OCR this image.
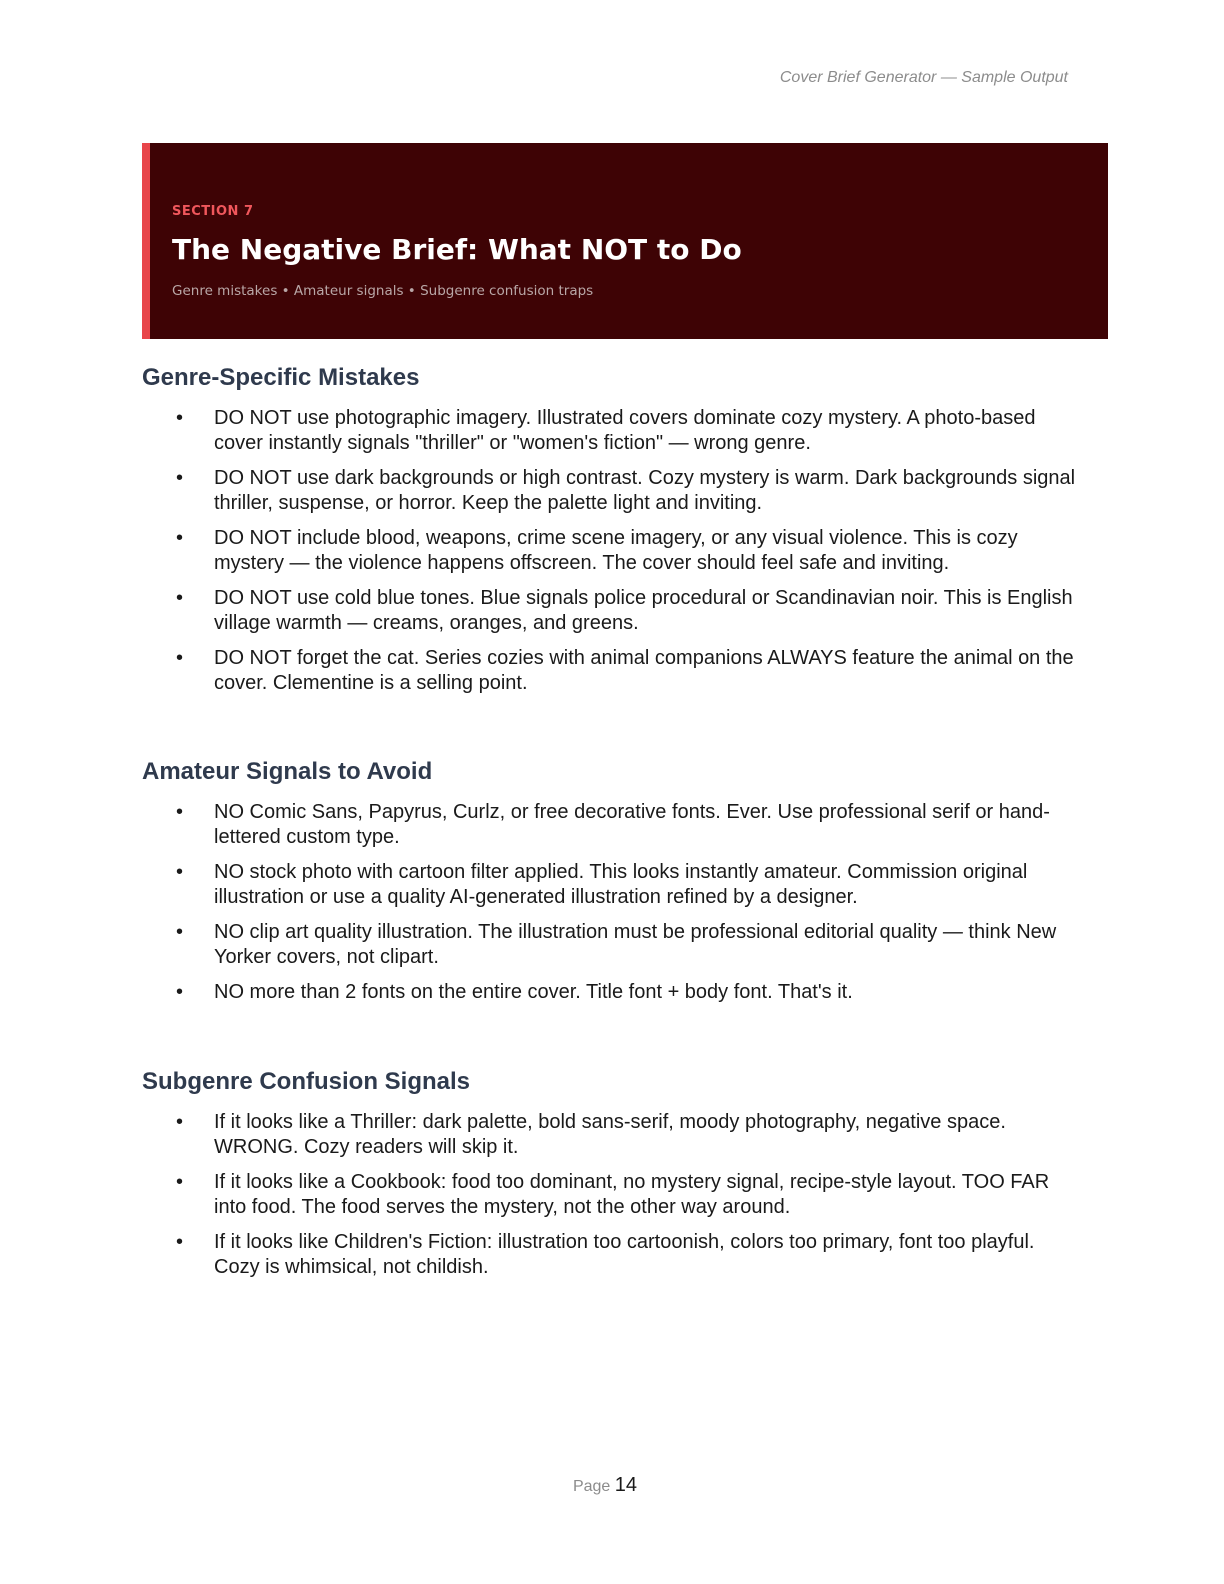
Cover Brief Generator — Sample Output
SECTION 7
The Negative Brief: What NOT to Do
Genre mistakes • Amateur signals • Subgenre confusion traps
Genre-Specific Mistakes
• DO NOT use photographic imagery. Illustrated covers dominate cozy mystery. A photo-based cover instantly signals "thriller" or "women's fiction" — wrong genre.
• DO NOT use dark backgrounds or high contrast. Cozy mystery is warm. Dark backgrounds signal thriller, suspense, or horror. Keep the palette light and inviting.
• DO NOT include blood, weapons, crime scene imagery, or any visual violence. This is cozy mystery — the violence happens offscreen. The cover should feel safe and inviting.
• DO NOT use cold blue tones. Blue signals police procedural or Scandinavian noir. This is English village warmth — creams, oranges, and greens.
• DO NOT forget the cat. Series cozies with animal companions ALWAYS feature the animal on the cover. Clementine is a selling point.
Amateur Signals to Avoid
• NO Comic Sans, Papyrus, Curlz, or free decorative fonts. Ever. Use professional serif or hand-lettered custom type.
• NO stock photo with cartoon filter applied. This looks instantly amateur. Commission original illustration or use a quality AI-generated illustration refined by a designer.
• NO clip art quality illustration. The illustration must be professional editorial quality — think New Yorker covers, not clipart.
• NO more than 2 fonts on the entire cover. Title font + body font. That's it.
Subgenre Confusion Signals
• If it looks like a Thriller: dark palette, bold sans-serif, moody photography, negative space. WRONG. Cozy readers will skip it.
• If it looks like a Cookbook: food too dominant, no mystery signal, recipe-style layout. TOO FAR into food. The food serves the mystery, not the other way around.
• If it looks like Children's Fiction: illustration too cartoonish, colors too primary, font too playful. Cozy is whimsical, not childish.
Page 14
